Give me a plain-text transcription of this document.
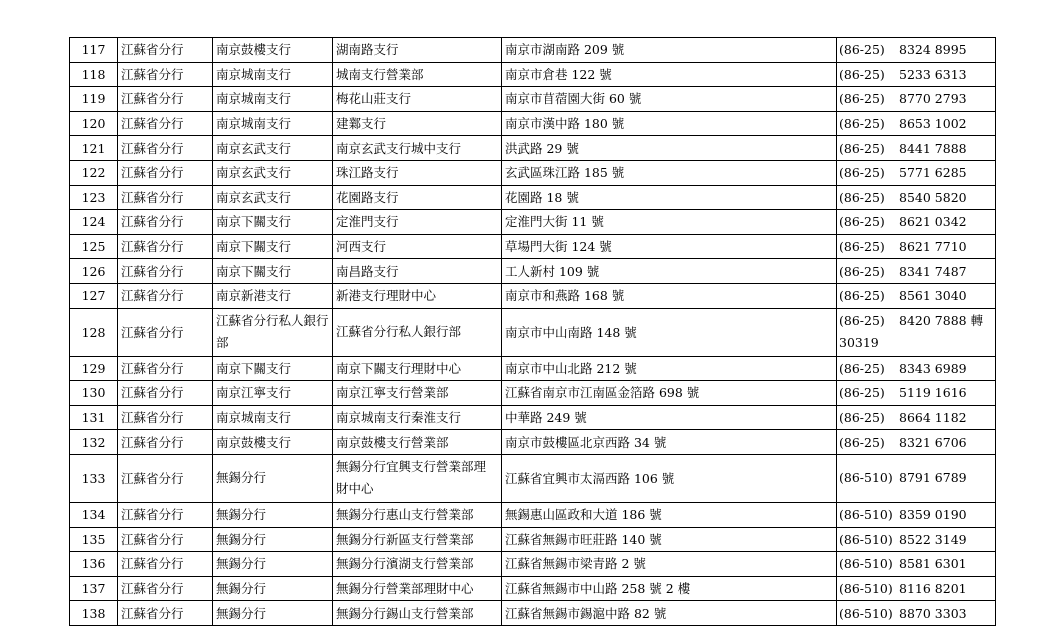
117	江蘇省分行	南京鼓樓支行	湖南路支行	南京市湖南路 209 號	(86-25) 8324 8995
118	江蘇省分行	南京城南支行	城南支行營業部	南京市倉巷 122 號	(86-25) 5233 6313
119	江蘇省分行	南京城南支行	梅花山莊支行	南京市苜蓿園大街 60 號	(86-25) 8770 2793
120	江蘇省分行	南京城南支行	建鄴支行	南京市漢中路 180 號	(86-25) 8653 1002
121	江蘇省分行	南京玄武支行	南京玄武支行城中支行	洪武路 29 號	(86-25) 8441 7888
122	江蘇省分行	南京玄武支行	珠江路支行	玄武區珠江路 185 號	(86-25) 5771 6285
123	江蘇省分行	南京玄武支行	花園路支行	花園路 18 號	(86-25) 8540 5820
124	江蘇省分行	南京下關支行	定淮門支行	定淮門大街 11 號	(86-25) 8621 0342
125	江蘇省分行	南京下關支行	河西支行	草場門大街 124 號	(86-25) 8621 7710
126	江蘇省分行	南京下關支行	南昌路支行	工人新村 109 號	(86-25) 8341 7487
127	江蘇省分行	南京新港支行	新港支行理財中心	南京市和燕路 168 號	(86-25) 8561 3040
128	江蘇省分行	江蘇省分行私人銀行部	江蘇省分行私人銀行部	南京市中山南路 148 號	(86-25) 8420 7888 轉 30319
129	江蘇省分行	南京下關支行	南京下關支行理財中心	南京市中山北路 212 號	(86-25) 8343 6989
130	江蘇省分行	南京江寧支行	南京江寧支行營業部	江蘇省南京市江南區金箔路 698 號	(86-25) 5119 1616
131	江蘇省分行	南京城南支行	南京城南支行秦淮支行	中華路 249 號	(86-25) 8664 1182
132	江蘇省分行	南京鼓樓支行	南京鼓樓支行營業部	南京市鼓樓區北京西路 34 號	(86-25) 8321 6706
133	江蘇省分行	無錫分行	無錫分行宜興支行營業部理財中心	江蘇省宜興市太滆西路 106 號	(86-510) 8791 6789
134	江蘇省分行	無錫分行	無錫分行惠山支行營業部	無錫惠山區政和大道 186 號	(86-510) 8359 0190
135	江蘇省分行	無錫分行	無錫分行新區支行營業部	江蘇省無錫市旺莊路 140 號	(86-510) 8522 3149
136	江蘇省分行	無錫分行	無錫分行濱湖支行營業部	江蘇省無錫市梁青路 2 號	(86-510) 8581 6301
137	江蘇省分行	無錫分行	無錫分行營業部理財中心	江蘇省無錫市中山路 258 號 2 樓	(86-510) 8116 8201
138	江蘇省分行	無錫分行	無錫分行錫山支行營業部	江蘇省無錫市錫滬中路 82 號	(86-510) 8870 3303
